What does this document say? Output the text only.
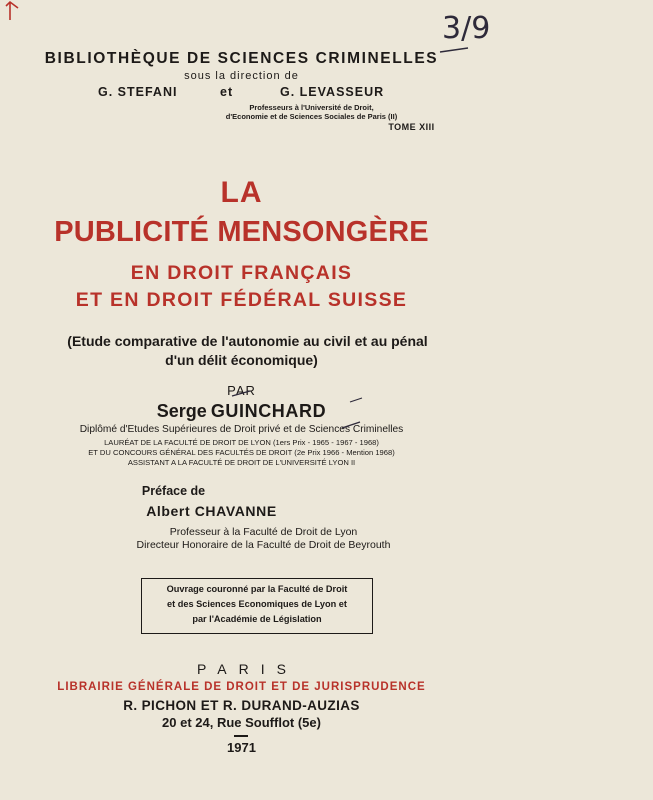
3/9
BIBLIOTHÈQUE DE SCIENCES CRIMINELLES
sous la direction de
G. STEFANI	et	G. LEVASSEUR
Professeurs à l'Université de Droit,
d'Economie et de Sciences Sociales de Paris (II)
TOME XIII
LA
PUBLICITÉ MENSONGÈRE
EN DROIT FRANÇAIS
ET EN DROIT FÉDÉRAL SUISSE
(Etude comparative de l'autonomie au civil et au pénal
d'un délit économique)
PAR
Serge GUINCHARD
Diplômé d'Etudes Supérieures de Droit privé et de Sciences Criminelles
LAURÉAT DE LA FACULTÉ DE DROIT DE LYON (1ers Prix - 1965 - 1967 - 1968)
ET DU CONCOURS GÉNÉRAL DES FACULTÉS DE DROIT (2e Prix 1966 - Mention 1968)
ASSISTANT A LA FACULTÉ DE DROIT DE L'UNIVERSITÉ LYON II
Préface de
Albert CHAVANNE
Professeur à la Faculté de Droit de Lyon
Directeur Honoraire de la Faculté de Droit de Beyrouth
Ouvrage couronné par la Faculté de Droit
et des Sciences Economiques de Lyon et
par l'Académie de Législation
PARIS
LIBRAIRIE GÉNÉRALE DE DROIT ET DE JURISPRUDENCE
R. PICHON ET R. DURAND-AUZIAS
20 et 24, Rue Soufflot (5e)
1971
